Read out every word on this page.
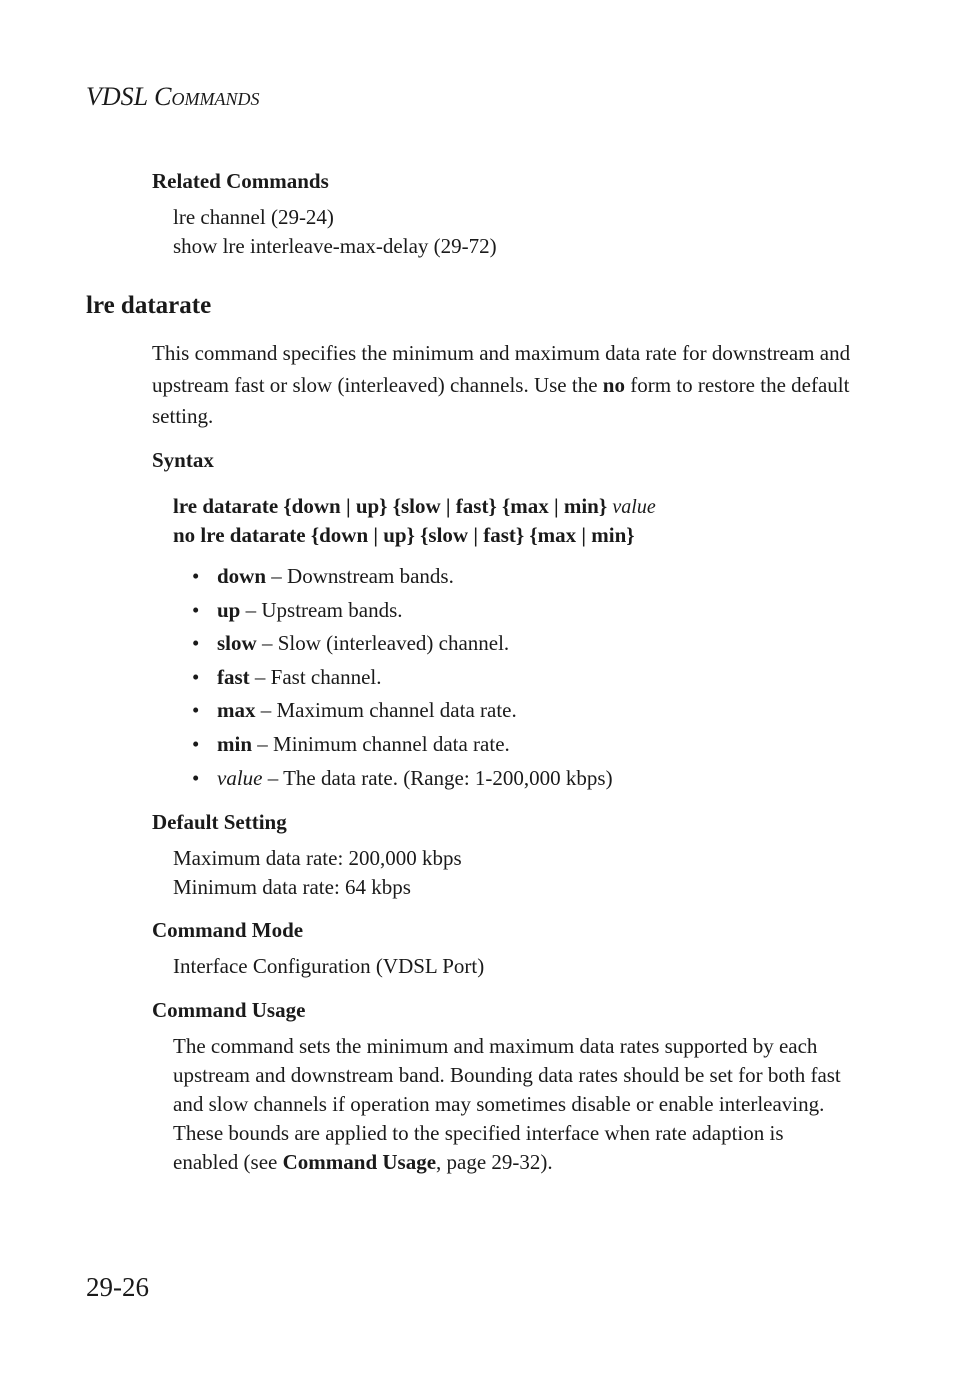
VDSL COMMANDS
Related Commands
lre channel (29-24)
show lre interleave-max-delay (29-72)
lre datarate
This command specifies the minimum and maximum data rate for downstream and upstream fast or slow (interleaved) channels. Use the no form to restore the default setting.
Syntax
lre datarate {down | up} {slow | fast} {max | min} value
no lre datarate {down | up} {slow | fast} {max | min}
• down – Downstream bands.
• up – Upstream bands.
• slow – Slow (interleaved) channel.
• fast – Fast channel.
• max – Maximum channel data rate.
• min – Minimum channel data rate.
• value – The data rate. (Range: 1-200,000 kbps)
Default Setting
Maximum data rate: 200,000 kbps
Minimum data rate: 64 kbps
Command Mode
Interface Configuration (VDSL Port)
Command Usage
The command sets the minimum and maximum data rates supported by each upstream and downstream band. Bounding data rates should be set for both fast and slow channels if operation may sometimes disable or enable interleaving. These bounds are applied to the specified interface when rate adaption is enabled (see Command Usage, page 29-32).
29-26
